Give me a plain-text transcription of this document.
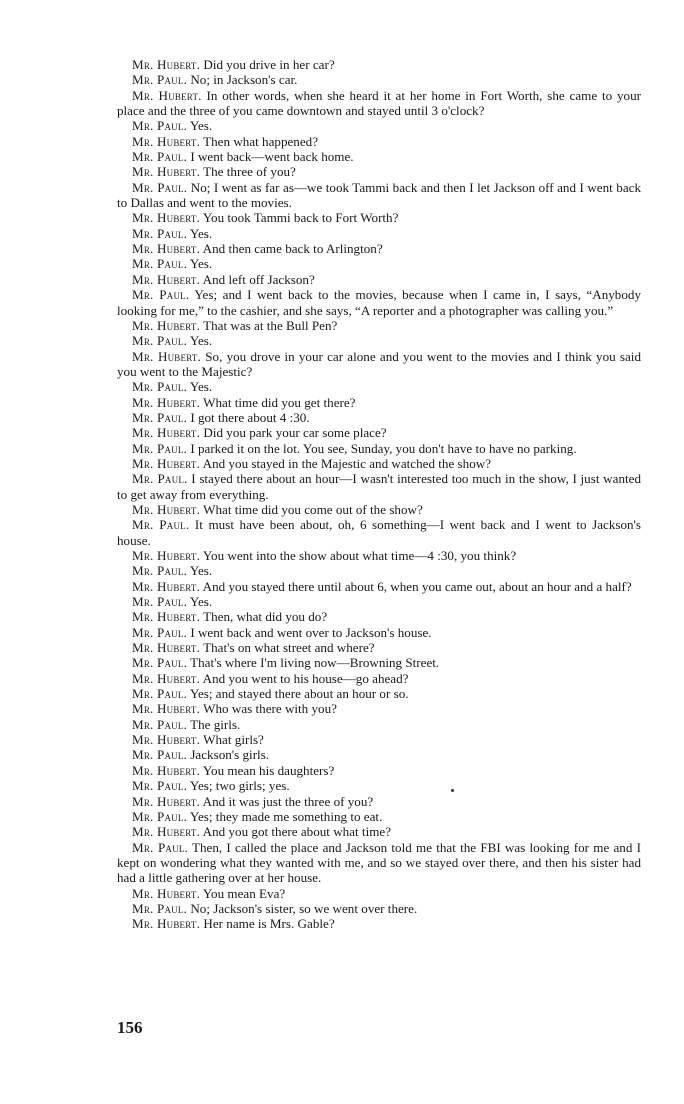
Mr. Hubert. Did you drive in her car?

Mr. Paul. No; in Jackson's car.

Mr. Hubert. In other words, when she heard it at her home in Fort Worth, she came to your place and the three of you came downtown and stayed until 3 o'clock?

Mr. Paul. Yes.

Mr. Hubert. Then what happened?

Mr. Paul. I went back—went back home.

Mr. Hubert. The three of you?

Mr. Paul. No; I went as far as—we took Tammi back and then I let Jackson off and I went back to Dallas and went to the movies.

Mr. Hubert. You took Tammi back to Fort Worth?

Mr. Paul. Yes.

Mr. Hubert. And then came back to Arlington?

Mr. Paul. Yes.

Mr. Hubert. And left off Jackson?

Mr. Paul. Yes; and I went back to the movies, because when I came in, I says, “Anybody looking for me,” to the cashier, and she says, “A reporter and a photographer was calling you.”

Mr. Hubert. That was at the Bull Pen?

Mr. Paul. Yes.

Mr. Hubert. So, you drove in your car alone and you went to the movies and I think you said you went to the Majestic?

Mr. Paul. Yes.

Mr. Hubert. What time did you get there?

Mr. Paul. I got there about 4 :30.

Mr. Hubert. Did you park your car some place?

Mr. Paul. I parked it on the lot. You see, Sunday, you don't have to have no parking.

Mr. Hubert. And you stayed in the Majestic and watched the show?

Mr. Paul. I stayed there about an hour—I wasn't interested too much in the show, I just wanted to get away from everything.

Mr. Hubert. What time did you come out of the show?

Mr. Paul. It must have been about, oh, 6 something—I went back and I went to Jackson's house.

Mr. Hubert. You went into the show about what time—4 :30, you think?

Mr. Paul. Yes.

Mr. Hubert. And you stayed there until about 6, when you came out, about an hour and a half?

Mr. Paul. Yes.

Mr. Hubert. Then, what did you do?

Mr. Paul. I went back and went over to Jackson's house.

Mr. Hubert. That's on what street and where?

Mr. Paul. That's where I'm living now—Browning Street.

Mr. Hubert. And you went to his house—go ahead?

Mr. Paul. Yes; and stayed there about an hour or so.

Mr. Hubert. Who was there with you?

Mr. Paul. The girls.

Mr. Hubert. What girls?

Mr. Paul. Jackson's girls.

Mr. Hubert. You mean his daughters?

Mr. Paul. Yes; two girls; yes.

Mr. Hubert. And it was just the three of you?

Mr. Paul. Yes; they made me something to eat.

Mr. Hubert. And you got there about what time?

Mr. Paul. Then, I called the place and Jackson told me that the FBI was looking for me and I kept on wondering what they wanted with me, and so we stayed over there, and then his sister had had a little gathering over at her house.

Mr. Hubert. You mean Eva?

Mr. Paul. No; Jackson's sister, so we went over there.

Mr. Hubert. Her name is Mrs. Gable?

156
